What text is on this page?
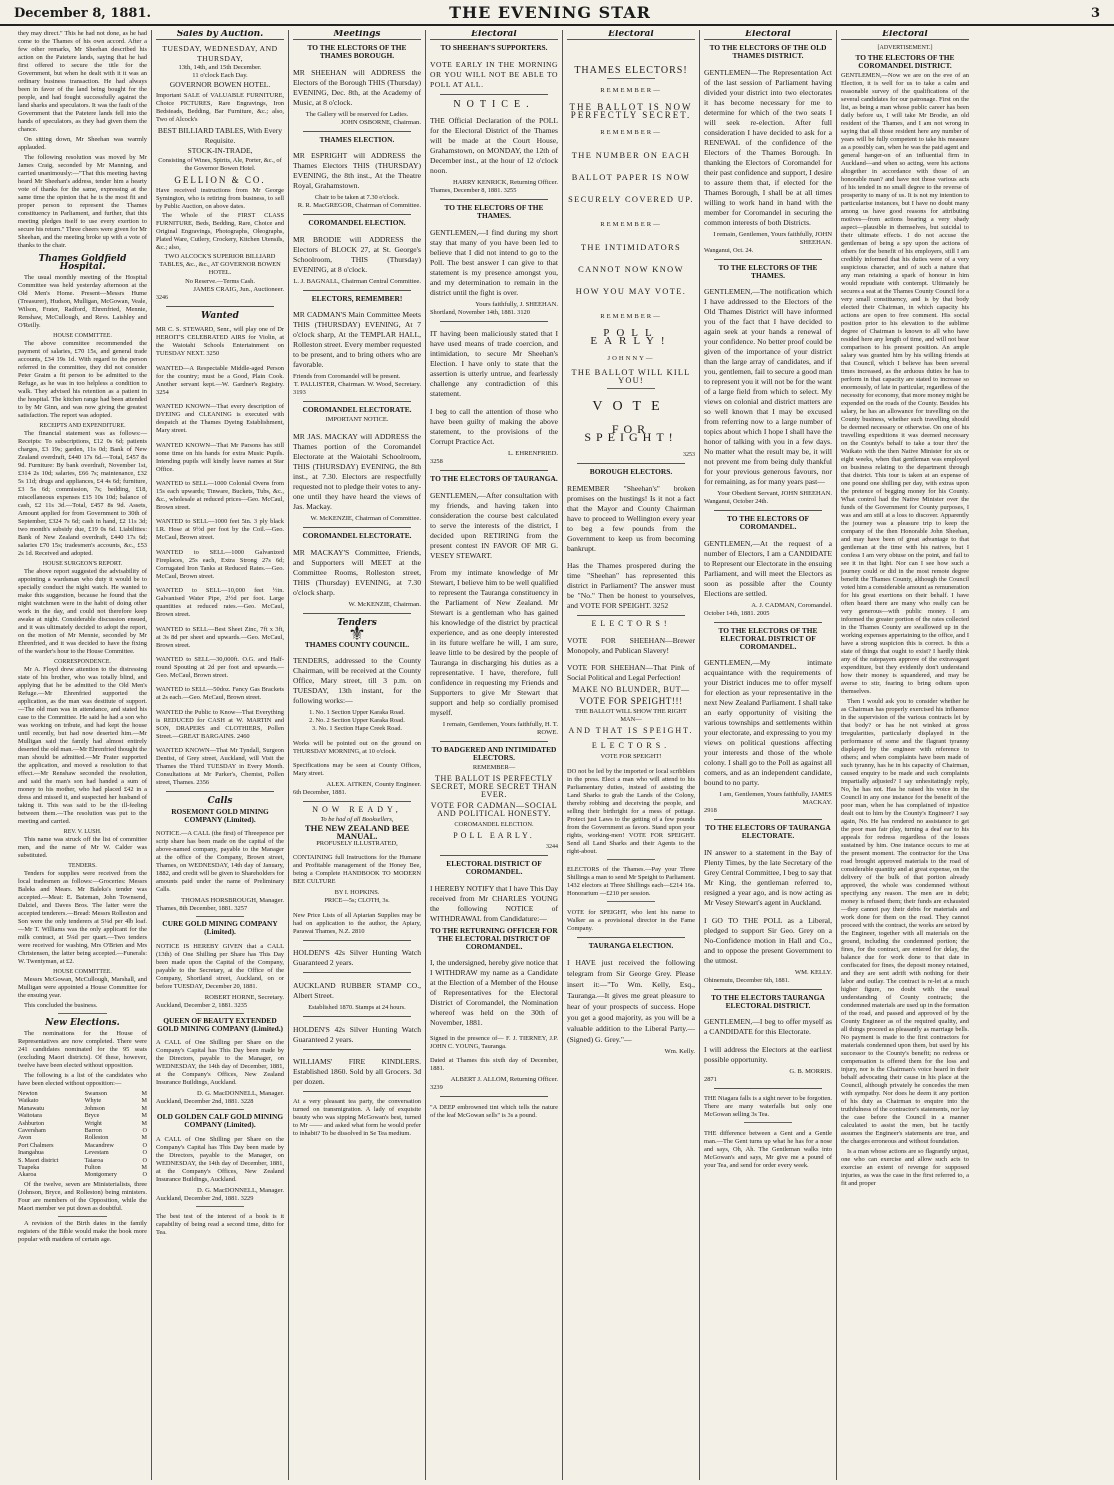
December 8, 1881.	THE EVENING STAR	3

they may direct." This he had not done, as he had come to the Thames of his own accord. After a few other remarks, Mr Sheehan described his action on the Patetere lands, saying that he had first offered to secure the title for the Government, but when he dealt with it it was an ordinary business transaction. He had always been in favor of the land being bought for the people, and had fought successfully against the land sharks and speculators. It was the fault of the Government that the Patetere lands fell into the hands of speculators, as they had given them the chance.

On sitting down, Mr Sheehan was warmly applauded.

The following resolution was moved by Mr James Craig, seconded by Mr Manning, and carried unanimously:—"That this meeting having heard Mr Sheehan's address, tender him a hearty vote of thanks for the same, expressing at the same time the opinion that he is the most fit and proper person to represent the Thames constituency in Parliament, and further, that this meeting pledges itself to use every exertion to secure his return." Three cheers were given for Mr Sheehan, and the meeting broke up with a vote of thanks to the chair.

Thames Goldfield Hospital.

The usual monthly meeting of the Hospital Committee was held yesterday afternoon at the Old Men's Home. Present—Messrs Hume (Treasurer), Hudson, Mulligan, McGowan, Veale, Wilson, Frater, Radford, Ehrenfried, Mennie, Renshaw, McCullough, and Revs. Laishley and O'Reilly.

HOUSE COMMITTEE.

The above committee recommended the payment of salaries, £70 15s, and general trade accounts, £34 19s 1d. With regard to the person referred in the committee, they did not consider Peter Graim a fit person to be admitted to the Refuge, as he was in too helpless a condition to walk. They advised his retention as a patient in the hospital. The kitchen range had been attended to by Mr Ginn, and was now giving the greatest satisfaction. The report was adopted.

RECEIPTS AND EXPENDITURE.

The financial statement was as follows:—Receipts: To subscriptions, £12 0s 6d; patients charges, £3 19s; garden, 11s 0d; Bank of New Zealand overdraft, £440 17s 6d.—Total, £457 8s 9d. Furniture: By bank overdraft, November 1st, £314 2s 10d; salaries, £66 7s; maintenance, £32 5s 11d; drugs and appliances, £4 4s 6d; furniture, £3 5s 6d; commission, 7s; bedding, £18, miscellaneous expenses £15 10s 10d; balance of cash, £2 11s 3d.—Total, £457 8s 9d. Assets, Amount applied for from Government to 30th of September, £324 7s 6d; cash in hand, £2 11s 3d; two month's subsidy due, £19 0s 6d. Liabilities: Bank of New Zealand overdraft, £440 17s 6d; salaries £70 15s; tradesmen's accounts, &c., £53 2s 1d. Received and adopted.

HOUSE SURGEON'S REPORT.

The above report suggested the advisability of appointing a wardsman who duty it would be to specially conduct the night watch. He wanted to make this suggestion, because he found that the night watchmen were in the habit of doing other work in the day, and could not therefore keep awake at night. Considerable discussion ensued, and it was ultimately decided to adopt the report, on the motion of Mr Mennie, seconded by Mr Ehrenfried, and it was decided to have the fixing of the warder's hour to the House Committee.

CORRESPONDENCE.

Mr A. Floyd drew attention to the distressing state of his brother, who was totally blind, and applying that he be admitted to the Old Men's Refuge.—Mr Ehrenfried supported the application, as the man was destitute of support.—The old man was in attendance, and stated his case to the Committee. He said he had a son who was working on tribute, and had kept the house until recently, but had now deserted him.—Mr Mulligan said the family had almost entirely deserted the old man.—Mr Ehrenfried thought the man should be admitted.—Mr Frater supported the application, and moved a resolution to that effect.—Mr Renshaw seconded the resolution, and said the man's son had handed a sum of money to his mother, who had placed £42 in a dress and missed it, and suspected her husband of taking it. This was said to be the ill-feeling between them.—The resolution was put to the meeting and carried.

REV. V. LUSH.

This name was struck off the list of committee men, and the name of Mr W. Calder was substituted.

TENDERS.

Tenders for supplies were received from the local tradesmen as follows:—Groceries: Messrs Baleks and Mears. Mr Baleks's tender was accepted.—Meat: E. Bateman, John Townsend, Dalziel, and Daves Bros. The latter were the accepted tenderers.—Bread: Messrs Rolleston and Son were the only tenderers at 5¼d per 4lb loaf.—Mr T. Williams was the only applicant for the milk contract, at 5¼d per quart.—Two tenders were received for washing, Mrs O'Brien and Mrs Christensen, the latter being accepted.—Funerals: W. Twentyman, at £2.

HOUSE COMMITTEE.

Messrs McGowan, McCullough, Marshall, and Mulligan were appointed a House Committee for the ensuing year.

This concluded the business.

New Elections.

The nominations for the House of Representatives are now completed. There were 241 candidates nominated for the 95 seats (excluding Maori districts). Of these, however, twelve have been elected without opposition.

The following is a list of the candidates who have been elected without opposition:—

Newton	Swanson	M
Waikato	Whyte	M
Manawatu	Johnson	M
Waitotara	Bryce	M
Ashburton	Wright	M
Caversham	Barron	O
Avon	Rolleston	M
Port Chalmers	Macandrew	O
Inangahua	Levestam	O
S. Maori district	Taiaroa	O
Tuapeka	Fulton	M
Akaroa	Montgomery	O

Of the twelve, seven are Ministerialists, three (Johnson, Bryce, and Rolleston) being ministers. Four are members of the Opposition, while the Maori member we put down as doubtful.

A revision of the Birth dates in the family registers of the Bible would make the book more popular with maidens of certain age.

Sales by Auction.
TUESDAY, WEDNESDAY, AND THURSDAY,
13th, 14th, and 15th December.
11 o'clock Each Day.
GOVERNOR BOWEN HOTEL.

Important SALE of VALUABLE FURNITURE, Choice PICTURES, Rare Engravings, Iron Bedsteads, Bedding, Bar Furniture, &c.; also, Two of Alcock's

BEST BILLIARD TABLES, With Every Requisite.
STOCK-IN-TRADE,

Consisting of Wines, Spirits, Ale, Porter, &c., of the Governor Bowen Hotel.

GELLION & CO.

Have received instructions from Mr George Symington, who is retiring from business, to sell by Public Auction, on above dates.

The Whole of the FIRST CLASS FURNITURE, Beds, Bedding, Rare, Choice and Original Engravings, Photographs, Oleographs, Plated Ware, Cutlery, Crockery, Kitchen Utensils, &c.; also,

TWO ALCOCK'S SUPERIOR BILLIARD TABLES, &c., &c., AT GOVERNOR BOWEN HOTEL.
No Reserve.—Terms Cash.
JAMES CRAIG, Jun., Auctioneer.
3246
Wanted

MR C. S. STEWARD, Senr., will play one of Dr HEROIT'S CELEBRATED AIRS for Violin, at the Waiotahi Schools Entertainment on TUESDAY NEXT. 3250

WANTED—A Respectable Middle-aged Person for the country; must be a Good, Plain Cook. Another servant kept.—W. Gardner's Registry. 3254

WANTED KNOWN—That every description of DYEING and CLEANING is executed with despatch at the Thames Dyeing Establishment, Mary street.

WANTED KNOWN—That Mr Parsons has still some time on his hands for extra Music Pupils. Intending pupils will kindly leave names at Star Office.

WANTED to SELL—1000 Colonial Ovens from 15s each upwards; Tinware, Buckets, Tubs, &c., &c., wholesale at reduced prices—Geo. McCaul, Brown street.

WANTED to SELL—1000 feet 5in. 3 ply black I.R. Hose at 9½d per foot by the Coil.—Geo. McCaul, Brown street.

WANTED to SELL—1000 Galvanized Fireplaces, 25s each, Extra Strong 27s 6d; Corrugated Iron Tanks at Reduced Rates.—Geo. McCaul, Brown street.

WANTED to SELL—10,000 feet ½in. Galvanised Water Pipe, 2½d per foot. Large quantities at reduced rates.—Geo. McCaul, Brown street.

WANTED to SELL—Best Sheet Zinc, 7ft x 3ft, at 3s 8d per sheet and upwards.—Geo. McCaul, Brown street.

WANTED to SELL—30,000ft. O.G. and Half-round Spouting at 2d per foot and upwards.—Geo. McCaul, Brown street.

WANTED to SELL—50doz. Fancy Gas Brackets at 2s each.—Geo. McCaul, Brown street.

WANTED the Public to Know—That Everything is REDUCED for CASH at W. MARTIN and SON, DRAPERS and CLOTHIERS, Pollen Street.—GREAT BARGAINS. 2460

WANTED KNOWN—That Mr Tyndall, Surgeon Dentist, of Grey street, Auckland, will Visit the Thames the Third TUESDAY in Every Month. Consultations at Mr Parker's, Chemist, Pollen street, Thames. 2356

Calls
ROSEMONT GOLD MINING COMPANY (Limited).

NOTICE.—A CALL (the first) of Threepence per scrip share has been made on the capital of the above-named company, payable to the Manager at the office of the Company, Brown street, Thames, on WEDNESDAY, 14th day of January, 1882, and credit will be given to Shareholders for amounts paid under the name of Preliminary Calls.

THOMAS HORSBROUGH, Manager.
Thames, 8th December, 1881. 3257
CURE GOLD MINING COMPANY (Limited).

NOTICE IS HEREBY GIVEN that a CALL (13th) of One Shilling per Share has This Day been made upon the Capital of the Company, payable to the Secretary, at the Office of the Company, Shortland street, Auckland, on or before TUESDAY, December 20, 1881.

ROBERT HORNE, Secretary.
Auckland, December 2, 1881. 3235
QUEEN OF BEAUTY EXTENDED GOLD MINING COMPANY (Limited.)

A CALL of One Shilling per Share on the Company's Capital has This Day been made by the Directors, payable to the Manager, on WEDNESDAY, the 14th day of December, 1881, at the Company's Offices, New Zealand Insurance Buildings, Auckland.

D. G. MacDONNELL, Manager.
Auckland, December 2nd, 1881. 3228
OLD GOLDEN CALF GOLD MINING COMPANY (Limited).

A CALL of One Shilling per Share on the Company's Capital has This Day been made by the Directors, payable to the Manager, on WEDNESDAY, the 14th day of December, 1881, at the Company's Offices, New Zealand Insurance Buildings, Auckland.

D. G. MacDONNELL, Manager.
Auckland, December 2nd, 1881. 3229

The best test of the interest of a book is it capability of being read a second time, ditto for Tea.

Meetings
TO THE ELECTORS OF THE THAMES BOROUGH.

MR SHEEHAN will ADDRESS the Electors of the Borough THIS (Thursday) EVENING, Dec. 8th, at the Academy of Music, at 8 o'clock.

The Gallery will be reserved for Ladies.
JOHN OSBORNE, Chairman.
THAMES ELECTION.

MR ESPRIGHT will ADDRESS the Thames Electors THIS (THURSDAY) EVENING, the 8th inst., At the Theatre Royal, Grahamstown.

Chair to be taken at 7.30 o'clock.
R. R. MacGREGOR, Chairman of Committee.
COROMANDEL ELECTION.

MR BRODIE will ADDRESS the Electors of BLOCK 27, at St. George's Schoolroom, THIS (Thursday) EVENING, at 8 o'clock.

L. J. BAGNALL, Chairman Central Committee.
ELECTORS, REMEMBER!

MR CADMAN'S Main Committee Meets THIS (THURSDAY) EVENING, At 7 o'clock sharp, At the TEMPLAR HALL, Rolleston street. Every member requested to be present, and to bring others who are favorable.

Friends from Coromandel will be present.
T. PALLISTER, Chairman. W. Wood, Secretary.
3193
COROMANDEL ELECTORATE.
IMPORTANT NOTICE.

MR JAS. MACKAY will ADDRESS the Thames portion of the Coromandel Electorate at the Waiotahi Schoolroom, THIS (THURSDAY) EVENING, the 8th inst., at 7.30. Electors are respectfully requested not to pledge their votes to any-one until they have heard the views of Jas. Mackay.

W. McKENZIE, Chairman of Committee.
COROMANDEL ELECTORATE.

MR MACKAY'S Committee, Friends, and Supporters will MEET at the Committee Rooms, Rolleston street, THIS (Thursday) EVENING, at 7.30 o'clock sharp.

W. McKENZIE, Chairman.
Tenders
⚜
THAMES COUNTY COUNCIL.

TENDERS, addressed to the County Chairman, will be received at the County Office, Mary street, till 3 p.m. on TUESDAY, 13th instant, for the following works:—

1. No. 1 Section Upper Karaka Road.
2. No. 2 Section Upper Karaka Road.
3. No. 1 Section Hape Creek Road.

Works will be pointed out on the ground on THURSDAY MORNING, at 10 o'clock.

Specifications may be seen at County Offices, Mary street.

ALEX. AITKEN, County Engineer.
6th December, 1881.
NOW READY,
To be had of all Booksellers,
THE NEW ZEALAND BEE MANUAL.
PROFUSELY ILLUSTRATED,

CONTAINING full Instructions for the Humane and Profitable management of the Honey Bee, being a Complete HANDBOOK TO MODERN BEE CULTURE

BY I. HOPKINS.
PRICE—5s; CLOTH, 3s.

New Price Lists of all Apiarian Supplies may be had on application to the author, the Apiary, Parawai Thames, N.Z. 2810

HOLDEN'S 42s Silver Hunting Watch Guaranteed 2 years.

AUCKLAND RUBBER STAMP CO., Albert Street.

Established 1870. Stamps at 24 hours.

HOLDEN'S 42s Silver Hunting Watch Guaranteed 2 years.

WILLIAMS' FIRE KINDLERS. Established 1860. Sold by all Grocers. 3d per dozen.

At a very pleasant tea party, the conversation turned on transmigration. A lady of exquisite beauty who was sipping McGowan's best, turned to Mr —— and asked what form he would prefer to inhabit? To be dissolved in Se Tea medium.

Electoral
TO SHEEHAN'S SUPPORTERS.

VOTE EARLY IN THE MORNING OR YOU WILL NOT BE ABLE TO POLL AT ALL.

NOTICE.

THE Official Declaration of the POLL for the Electoral District of the Thames will be made at the Court House, Grahamstown, on MONDAY, the 12th of December inst., at the hour of 12 o'clock noon.

HARRY KENRICK, Returning Officer.
Thames, December 8, 1881. 3255
TO THE ELECTORS OF THE THAMES.

GENTLEMEN,—I find during my short stay that many of you have been led to believe that I did not intend to go to the Poll. The best answer I can give to that statement is my presence amongst you, and my determination to remain in the district until the fight is over.

Yours faithfully, J. SHEEHAN.
Shortland, November 14th, 1881. 3120

IT having been maliciously stated that I have used means of trade coercion, and intimidation, to secure Mr Sheehan's Election. I have only to state that the assertion is utterly untrue, and fearlessly challenge any contradiction of this statement.

I beg to call the attention of those who have been guilty of making the above statement, to the provisions of the Corrupt Practice Act.

L. EHRENFRIED.
3258
TO THE ELECTORS OF TAURANGA.

GENTLEMEN,—After consultation with my friends, and having taken into consideration the course best calculated to serve the interests of the district, I decided upon RETIRING from the present contest IN FAVOR OF MR G. VESEY STEWART.

From my intimate knowledge of Mr Stewart, I believe him to be well qualified to represent the Tauranga constituency in the Parliament of New Zealand. Mr Stewart is a gentleman who has gained his knowledge of the district by practical experience, and as one deeply interested in its future welfare he will, I am sure, leave little to be desired by the people of Tauranga in discharging his duties as a representative. I have, therefore, full confidence in requesting my Friends and Supporters to give Mr Stewart that support and help so cordially promised myself.

I remain, Gentlemen, Yours faithfully, H. T. ROWE.
TO BADGERED AND INTIMIDATED ELECTORS.
REMEMBER—
THE BALLOT IS PERFECTLY SECRET, MORE SECRET THAN EVER.
VOTE FOR CADMAN—SOCIAL AND POLITICAL HONESTY.
COROMANDEL ELECTION.
POLL EARLY.
3244
ELECTORAL DISTRICT OF COROMANDEL.

I HEREBY NOTIFY that I have This Day received from Mr CHARLES YOUNG the following NOTICE of WITHDRAWAL from Candidature:—

TO THE RETURNING OFFICER FOR THE ELECTORAL DISTRICT OF COROMANDEL.

I, the undersigned, hereby give notice that I WITHDRAW my name as a Candidate at the Election of a Member of the House of Representatives for the Electoral District of Coromandel, the Nomination whereof was held on the 30th of November, 1881.

Signed in the presence of— F. J. TIERNEY, J.P. JOHN C. YOUNG, Tauranga.

Dated at Thames this sixth day of December, 1881.

ALBERT J. ALLOM, Returning Officer.
3239

"A DEEP embrowned tint which tells the nature of the leaf McGowan sells" is 3s a pound.

Electoral
THAMES ELECTORS!
REMEMBER—
THE BALLOT IS NOW PERFECTLY SECRET.
REMEMBER—
THE NUMBER ON EACH BALLOT PAPER IS NOW SECURELY COVERED UP.
REMEMBER—
THE INTIMIDATORS CANNOT NOW KNOW HOW YOU MAY VOTE.
REMEMBER—
POLL EARLY!
JOHNNY—
THE BALLOT WILL KILL YOU!
VOTE
FOR SPEIGHT!
3253
BOROUGH ELECTORS.

REMEMBER "Sheehan's" broken promises on the hustings! Is it not a fact that the Mayor and County Chairman have to proceed to Wellington every year to beg a few pounds from the Government to keep us from becoming bankrupt.

Has the Thames prospered during the time "Sheehan" has represented this district in Parliament? The answer must be "No." Then be honest to yourselves, and VOTE FOR SPEIGHT. 3252

ELECTORS!

VOTE FOR SHEEHAN—Brewer Monopoly, and Publican Slavery!

VOTE FOR SHEEHAN—That Pink of Social Political and Legal Perfection!

MAKE NO BLUNDER, BUT—
VOTE FOR SPEIGHT!!!
THE BALLOT WILL SHOW THE RIGHT MAN—
AND THAT IS SPEIGHT.
ELECTORS.
VOTE FOR SPEIGHT!

DO not be led by the imported or local scribblers in the press. Elect a man who will attend to his Parliamentary duties, instead of assisting the Land Sharks to grab the Lands of the Colony, thereby robbing and deceiving the people, and selling their birthright for a mess of pottage. Protect just Laws to the getting of a few pounds from the Government as favors. Stand upon your rights, working-men! VOTE FOR SPEIGHT. Send all Land Sharks and their Agents to the right-about.

ELECTORS of the Thames.—Pay your Three Shillings a man to send Mr Speight to Parliament. 1432 electors at Three Shillings each—£214 16s. Honorarium —£210 per session.

VOTE for SPEIGHT, who lent his name to Walker as a provisional director in the Fame Company.

TAURANGA ELECTION.

I HAVE just received the following telegram from Sir George Grey. Please insert it:—"To Wm. Kelly, Esq., Tauranga.—It gives me great pleasure to hear of your prospects of success. Hope you get a good majority, as you will be a valuable addition to the Liberal Party.—(Signed) G. Grey."—

Wm. Kelly.
Electoral
TO THE ELECTORS OF THE OLD THAMES DISTRICT.

GENTLEMEN—The Representation Act of the last session of Parliament having divided your district into two electorates it has become necessary for me to determine for which of the two seats I will seek re-election. After full consideration I have decided to ask for a RENEWAL of the confidence of the Electors of the Thames Borough. In thanking the Electors of Coromandel for their past confidence and support, I desire to assure them that, if elected for the Thames Borough, I shall be at all times willing to work hand in hand with the member for Coromandel in securing the common interests of both Districts.

I remain, Gentlemen, Yours faithfully, JOHN SHEEHAN.
Wanganui, Oct. 24.
TO THE ELECTORS OF THE THAMES.

GENTLEMEN,—The notification which I have addressed to the Electors of the Old Thames District will have informed you of the fact that I have decided to again seek at your hands a renewal of your confidence. No better proof could be given of the importance of your district than the large array of candidates, and if you, gentlemen, fail to secure a good man to represent you it will not be for the want of a large field from which to select. My views on colonial and district matters are so well known that I may be excused from referring now to a large number of topics about which I hope I shall have the honor of talking with you in a few days. No matter what the result may be, it will not prevent me from being duly thankful for your previous generous favours, nor for remaining, as for many years past—

Your Obedient Servant, JOHN SHEEHAN.
Wanganui, October 24th.
TO THE ELECTORS OF COROMANDEL.

GENTLEMEN,—At the request of a number of Electors, I am a CANDIDATE to Represent our Electorate in the ensuing Parliament, and will meet the Electors as soon as possible after the County Elections are settled.

A. J. CADMAN, Coromandel.
October 14th, 1881. 2005
TO THE ELECTORS OF THE ELECTORAL DISTRICT OF COROMANDEL.

GENTLEMEN,—My intimate acquaintance with the requirements of your District induces me to offer myself for election as your representative in the next New Zealand Parliament. I shall take an early opportunity of visiting the various townships and settlements within your electorate, and expressing to you my views on political questions affecting your interests and those of the whole colony. I shall go to the Poll as against all comers, and as an independent candidate, bound to no party.

I am, Gentlemen, Yours faithfully, JAMES MACKAY.
2918
TO THE ELECTORS OF TAURANGA ELECTORATE.

IN answer to a statement in the Bay of Plenty Times, by the late Secretary of the Grey Central Committee, I beg to say that Mr King, the gentleman referred to, resigned a year ago, and is now acting as Mr Vesey Stewart's agent in Auckland.

I GO TO THE POLL as a Liberal, pledged to support Sir Geo. Grey on a No-Confidence motion in Hall and Co., and to oppose the present Government to the utmost.

WM. KELLY.
Ohinemutu, December 6th, 1881.
TO THE ELECTORS TAURANGA ELECTORAL DISTRICT.

GENTLEMEN,—I beg to offer myself as a CANDIDATE for this Electorate.

I will address the Electors at the earliest possible opportunity.

G. B. MORRIS.
2871

THE Niagara falls is a sight never to be forgotten. There are many waterfalls but only one McGowan selling 3s Tea.

THE difference between a Gent and a Gentle man.—The Gent turns up what he has for a nose and says, Oh, Ah. The Gentleman walks into McGowan's and says, Mr give me a pound of your Tea, and send for order every week.

Electoral
[ADVERTISEMENT.]
TO THE ELECTORS OF THE COROMANDEL DISTRICT.

GENTLEMEN,—Now we are on the eve of an Election, it is well for us to take a calm and reasonable survey of the qualifications of the several candidates for our patronage. First on the list, as being a man whose public career has been daily before us, I will take Mr Brodie, an old resident of the Thames, and I am not wrong in saying that all those resident here any number of years will be fully competent to take his measure as a possibly can, when he was the paid agent and general hanger-on of an influential firm in Auckland—and when so acting, were his actions altogether in accordance with those of an honorable man? and have not those various acts of his tended in no small degree to the reverse of prosperity to many of us. It is not my intention to particularise instances, but I have no doubt many among us have good reasons for attributing motives—from actions bearing a very shady aspect—plausible in themselves, but suicidal to their ultimate effects. I do not accuse the gentleman of being a spy upon the actions of others for the benefit of his employers, still I am credibly informed that his duties were of a very suspicious character, and of such a nature that any man retaining a spark of honour in him would repudiate with contempt. Ultimately he secures a seat at the Thames County Council for a very small constituency, and is by that body elected their Chairman, in which capacity his actions are open to free comment. His social position prior to his elevation to the sublime degree of Chairman is known to all who have resided here any length of time, and will not bear comparison to his present position. An ample salary was granted him by his willing friends at that Council, which I believe has been several times increased, as the arduous duties he has to perform in that capacity are stated to increase so enormously, of late in particular, regardless of the necessity for economy, that more money might be expended on the roads of the County. Besides his salary, he has an allowance for travelling on the County business, whether such travelling should be deemed necessary or otherwise. On one of his travelling expeditions it was deemed necessary on the County's behalf to take a tour thro' the Waikato with the then Native Minister for six or eight weeks, when that gentleman was employed on business relating to the department through that district. This tour is taken at an expense of one pound one shilling per day, with extras upon the pretence of begging money for his County. What control had the Native Minister over the funds of the Government for County purposes, I was and am still at a loss to discover. Apparently the journey was a pleasure trip to keep the company of the then Honorable John Sheehan, and may have been of great advantage to that gentleman at the time with his natives, but I confess I am very obtuse on the point, and fail to see it in that light. Nor can I see how such a journey could or did in the most remote degree benefit the Thames County, although the Council voted him a considerable amount as remuneration for his great exertions on their behalf. I have often heard there are many who really can be very generous—with public money. I am informed the greater portion of the rates collected in the Thames County are swallowed up in the working expenses appertaining to the office, and I have a strong suspicion this is correct. Is this a state of things that ought to exist? I hardly think any of the ratepayers approve of the extravagant expenditure, but they evidently don't understand how their money is squandered, and may be averse to stir, fearing to bring odium upon themselves.

Then I would ask you to consider whether he as Chairman has properly exercised his influence in the supervision of the various contracts let by that body? or has he not winked at gross irregularities, particularly displayed in the performance of some and the flagrant tyranny displayed by the engineer with reference to others; and when complaints have been made of such tyranny, has he in his capacity of Chairman, caused enquiry to be made and such complaints impartially adjusted? I say unhesitatingly reply, No, he has not. Has he raised his voice in the Council in any one instance for the benefit of the poor man, when he has complained of injustice dealt out to him by the County's Engineer? I say again, No. He has rendered no assistance to get the poor man fair play, turning a deaf ear to his appeals for redress regardless of the losses sustained by him. One instance occurs to me at the present moment. The contractor for the Una road brought approved materials to the road of considerable quantity and at great expense, on the delivery of the bulk of that portion already approved, the whole was condemned without specifying any reason. The men are in debt; money is refused them; their funds are exhausted—they cannot pay their debts for materials and work done for them on the road. They cannot proceed with the contract, the works are seized by the Engineer, together with all materials on the ground, including the condemned portion; the fines, for the contract, are entered for delay, the balance due for work done to that date in confiscated for fines, the deposit money retained, and they are sent adrift with nothing for their labor and outlay. The contract is re-let at a much higher figure, no doubt with the usual understanding of County contracts; the condemned materials are used up in the formation of the road, and passed and approved of by the County Engineer as of the required quality, and all things proceed as pleasantly as marriage bells. No payment is made to the first contractors for materials condemned upon them, but used by his successor to the County's benefit; no redress or compensation is offered them for the loss and injury, nor is the Chairman's voice heard in their behalf advocating their cause in his place at the Council, although privately he concedes the men with sympathy. Nor does he deem it any portion of his duty as Chairman to enquire into the truthfulness of the contractor's statements, nor lay the case before the Council in a manner calculated to assist the men, but he tacitly assumes the Engineer's statements are true, and the charges erroneous and without foundation.

Is a man whose actions are so flagrantly unjust, one who can exercise and allow such acts to exercise an extent of revenge for supposed injuries, as was the case in the first referred to, a fit and proper
